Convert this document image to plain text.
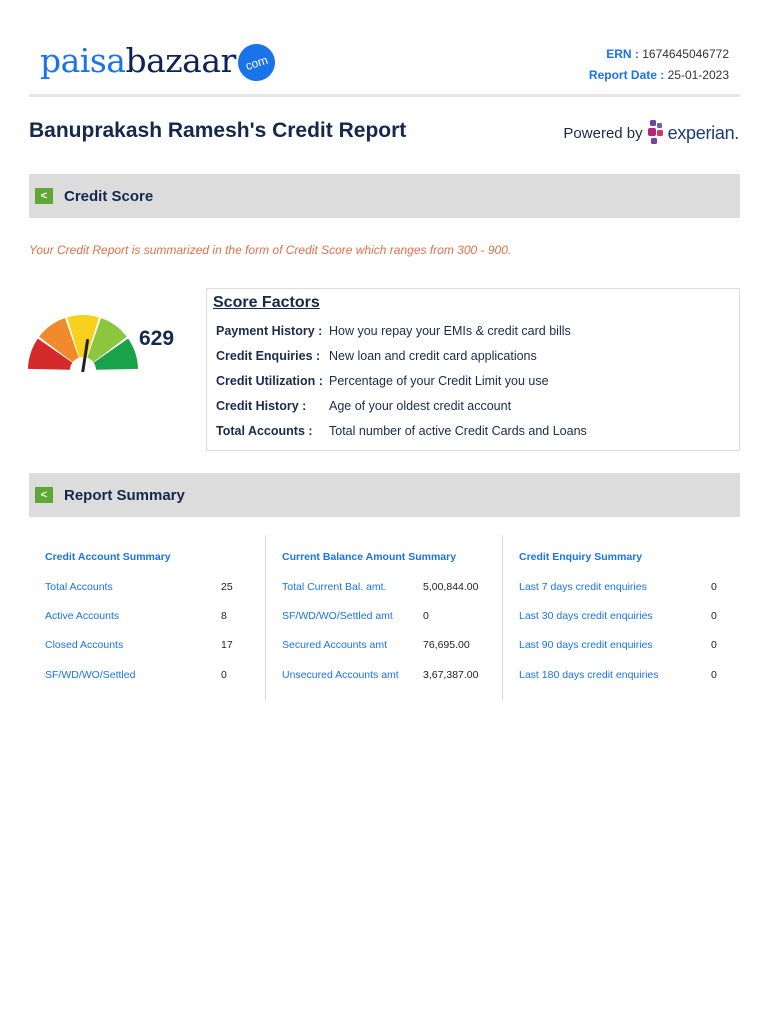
paisa bazaar com	ERN : 1674645046772
Report Date : 25-01-2023
Banuprakash Ramesh's Credit Report	Powered by experian.
<	Credit Score
Your Credit Report is summarized in the form of Credit Score which ranges from 300 - 900.
629
Score Factors
Payment History : How you repay your EMIs & credit card bills
Credit Enquiries : New loan and credit card applications
Credit Utilization : Percentage of your Credit Limit you use
Credit History :	Age of your oldest credit account
Total Accounts :	Total number of active Credit Cards and Loans
<	Report Summary
Credit Account Summary
Total Accounts	25
Active Accounts	8
Closed Accounts	17
SF/WD/WO/Settled	0
Current Balance Amount Summary
Total Current Bal. amt.	5,00,844.00
SF/WD/WO/Settled amt	0
Secured Accounts amt	76,695.00
Unsecured Accounts amt 3,67,387.00
Credit Enquiry Summary
Last 7 days credit enquiries	0
Last 30 days credit enquiries	0
Last 90 days credit enquiries	0
Last 180 days credit enquiries	0
